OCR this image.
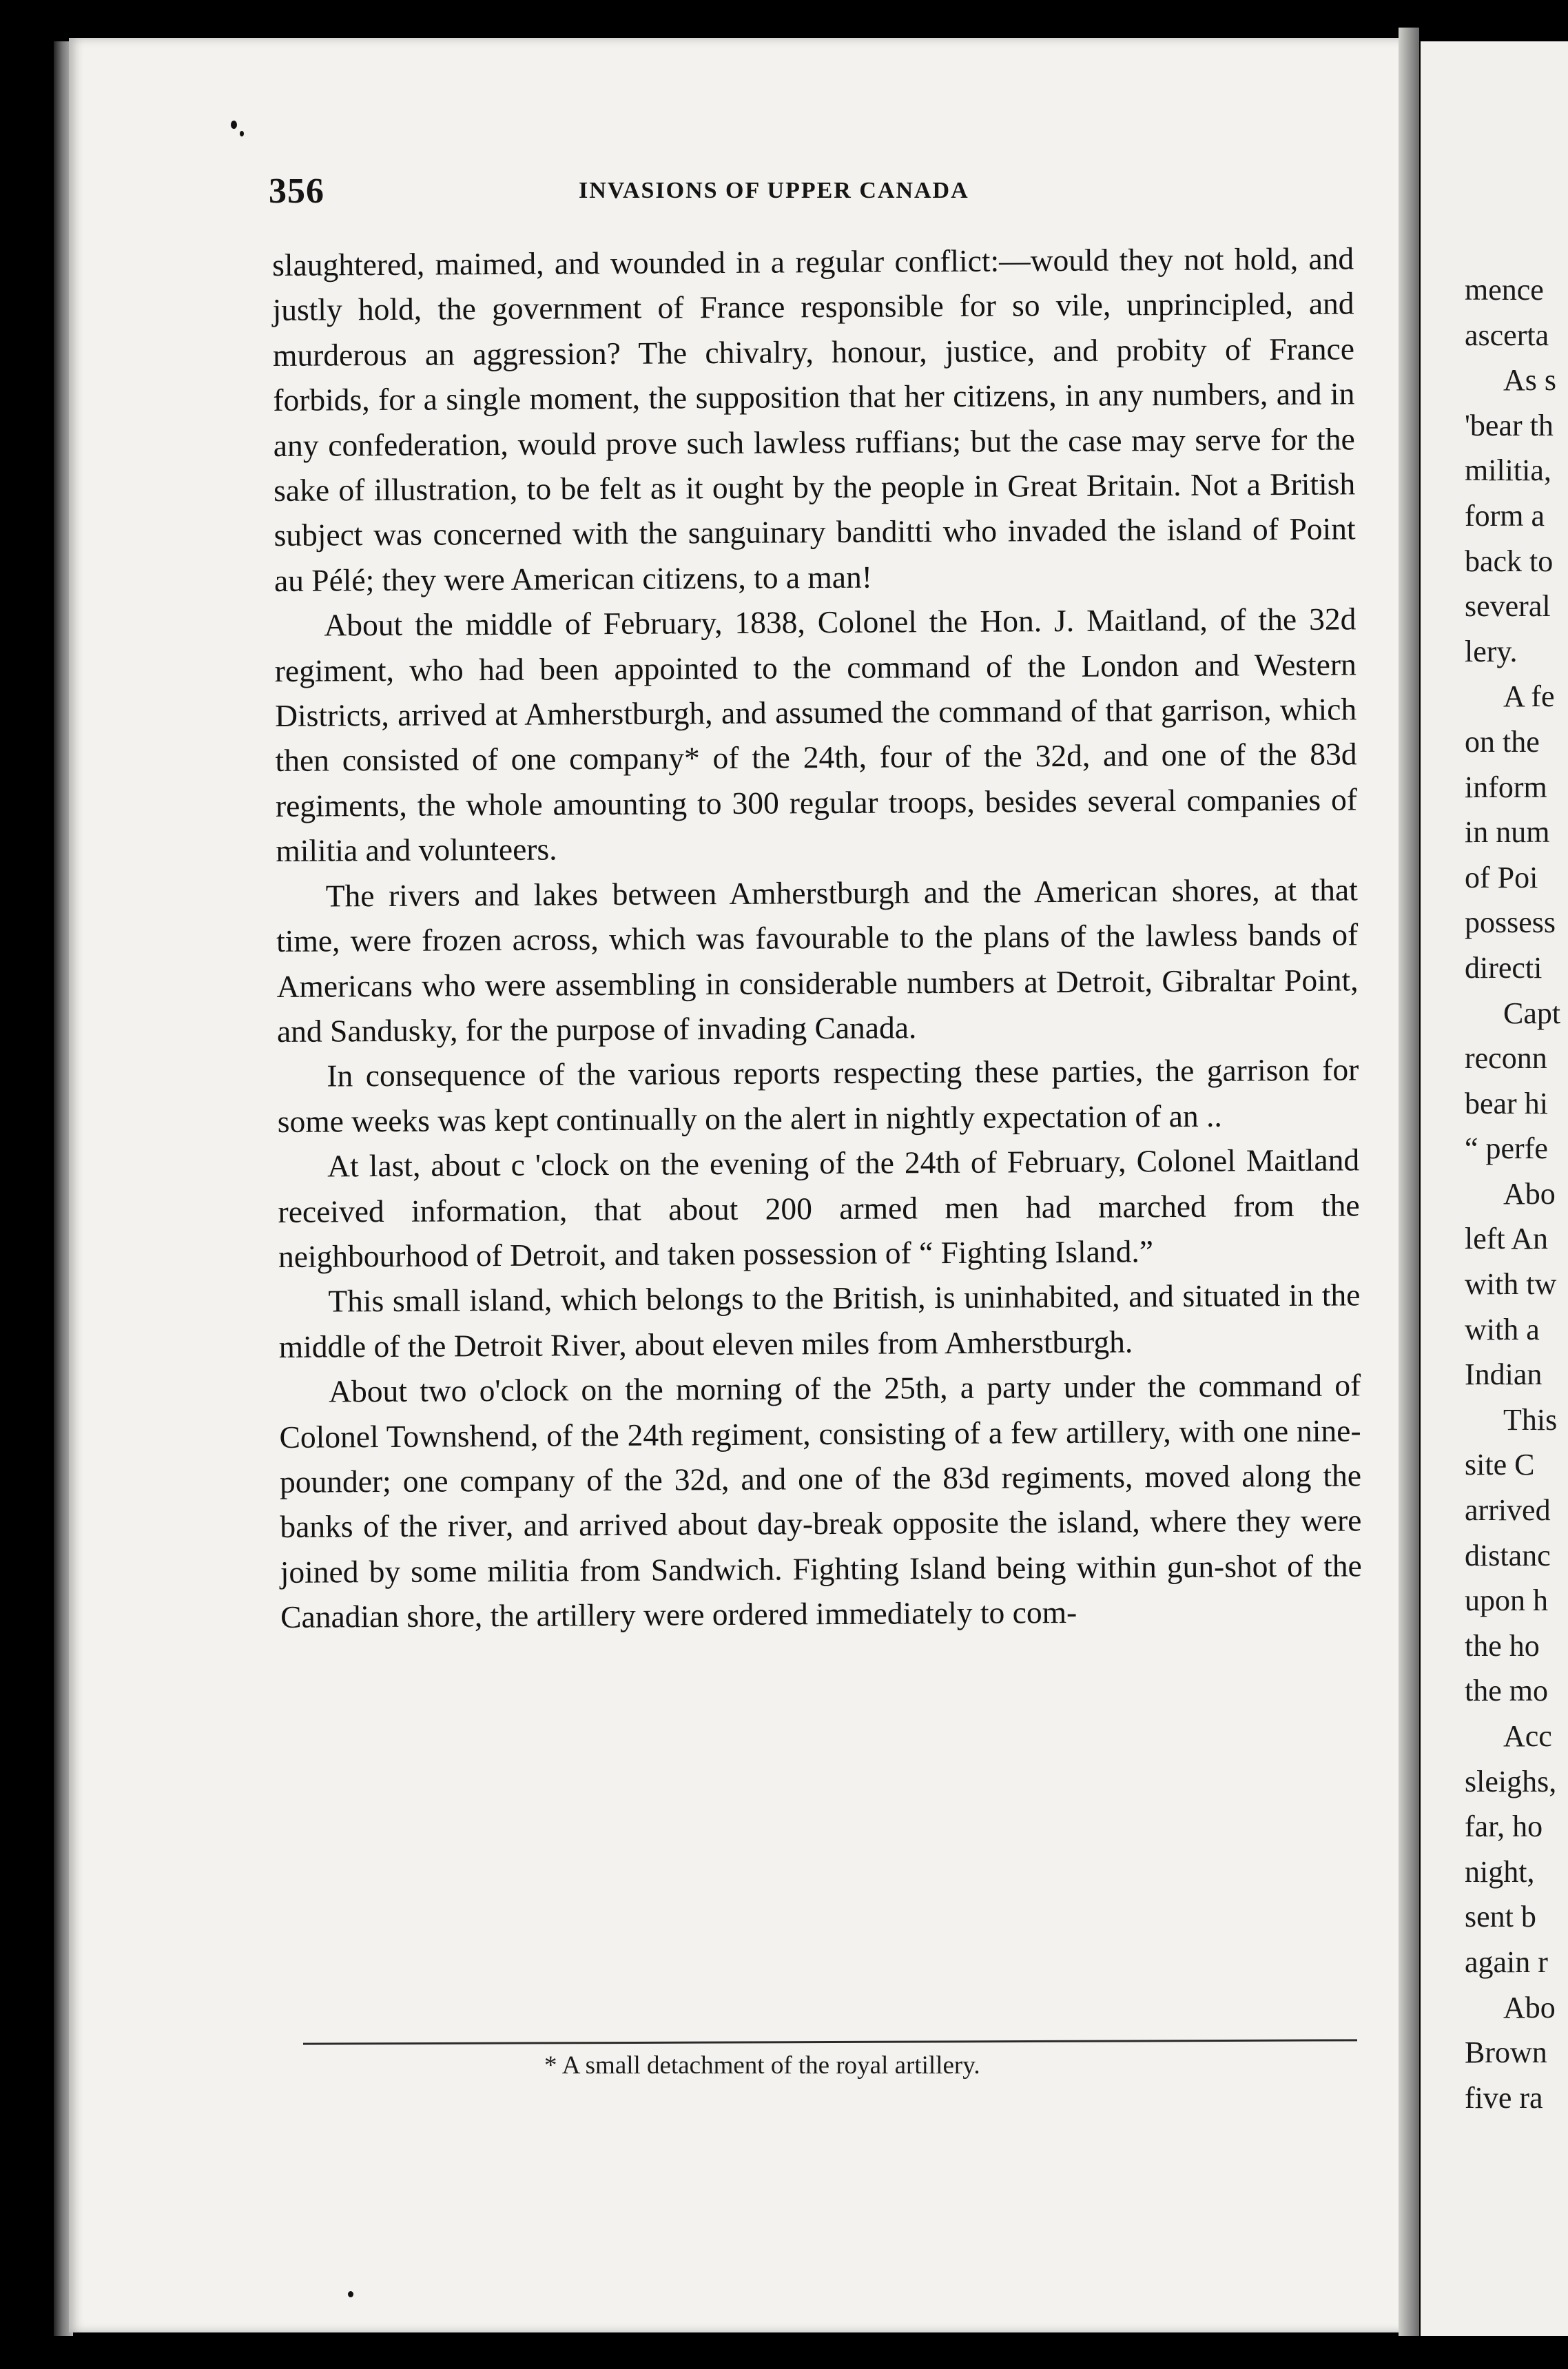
356	INVASIONS OF UPPER CANADA

slaughtered, maimed, and wounded in a regular conflict:—would they not hold, and justly hold, the government of France responsible for so vile, unprincipled, and murderous an aggression? The chivalry, honour, justice, and probity of France forbids, for a single moment, the supposition that her citizens, in any numbers, and in any confederation, would prove such lawless ruffians; but the case may serve for the sake of illustration, to be felt as it ought by the people in Great Britain. Not a British subject was concerned with the sanguinary banditti who invaded the island of Point au Pélé; they were American citizens, to a man!

About the middle of February, 1838, Colonel the Hon. J. Maitland, of the 32d regiment, who had been appointed to the command of the London and Western Districts, arrived at Amherstburgh, and assumed the command of that garrison, which then consisted of one company* of the 24th, four of the 32d, and one of the 83d regiments, the whole amounting to 300 regular troops, besides several companies of militia and volunteers.

The rivers and lakes between Amherstburgh and the American shores, at that time, were frozen across, which was favourable to the plans of the lawless bands of Americans who were assembling in considerable numbers at Detroit, Gibraltar Point, and Sandusky, for the purpose of invading Canada.

In consequence of the various reports respecting these parties, the garrison for some weeks was kept continually on the alert in nightly expectation of an ..

At last, about c 'clock on the evening of the 24th of February, Colonel Maitland received information, that about 200 armed men had marched from the neighbourhood of Detroit, and taken possession of “ Fighting Island.”

This small island, which belongs to the British, is uninhabited, and situated in the middle of the Detroit River, about eleven miles from Amherstburgh.

About two o'clock on the morning of the 25th, a party under the command of Colonel Townshend, of the 24th regiment, consisting of a few artillery, with one nine-pounder; one company of the 32d, and one of the 83d regiments, moved along the banks of the river, and arrived about day-break opposite the island, where they were joined by some militia from Sandwich. Fighting Island being within gun-shot of the Canadian shore, the artillery were ordered immediately to com-

* A small detachment of the royal artillery.
mence
ascerta
As s
'bear th
militia,
form a
back to
several
lery.
A fe
on the
inform
in num
of Poi
possess
directi
Capt
reconn
bear hi
“ perfe
Abo
left An
with tw
with a
Indian
This
site C
arrived
distanc
upon h
the ho
the mo
Acc
sleighs,
far, ho
night,
sent b
again r
Abo
Brown
five ra
